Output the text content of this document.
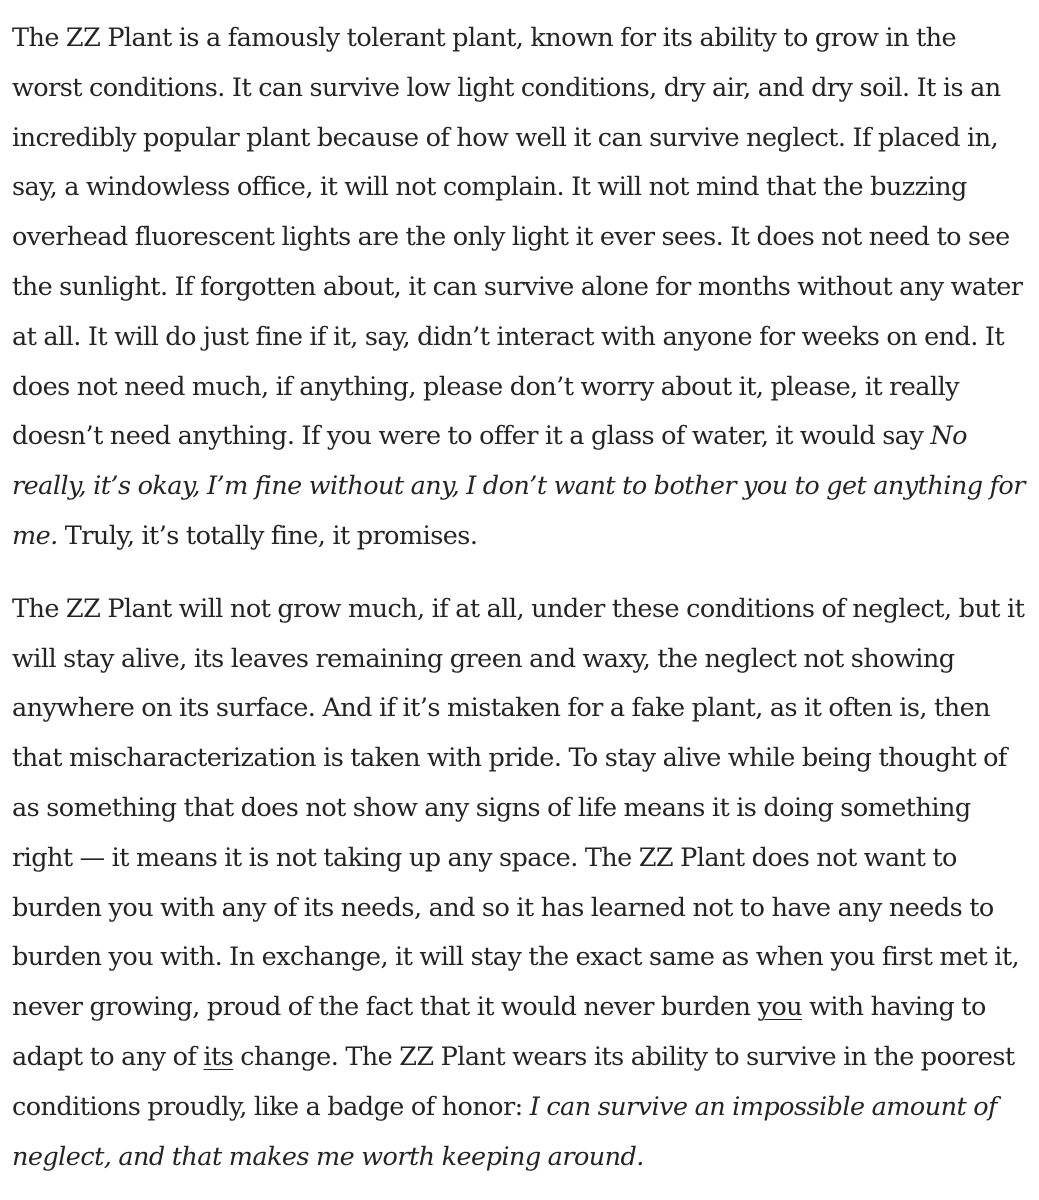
The ZZ Plant is a famously tolerant plant, known for its ability to grow in the worst conditions. It can survive low light conditions, dry air, and dry soil. It is an incredibly popular plant because of how well it can survive neglect. If placed in, say, a windowless office, it will not complain. It will not mind that the buzzing overhead fluorescent lights are the only light it ever sees. It does not need to see the sunlight. If forgotten about, it can survive alone for months without any water at all. It will do just fine if it, say, didn’t interact with anyone for weeks on end. It does not need much, if anything, please don’t worry about it, please, it really doesn’t need anything. If you were to offer it a glass of water, it would say No really, it’s okay, I’m fine without any, I don’t want to bother you to get anything for me. Truly, it’s totally fine, it promises.

The ZZ Plant will not grow much, if at all, under these conditions of neglect, but it will stay alive, its leaves remaining green and waxy, the neglect not showing anywhere on its surface. And if it’s mistaken for a fake plant, as it often is, then that mischaracterization is taken with pride. To stay alive while being thought of as something that does not show any signs of life means it is doing something right — it means it is not taking up any space. The ZZ Plant does not want to burden you with any of its needs, and so it has learned not to have any needs to burden you with. In exchange, it will stay the exact same as when you first met it, never growing, proud of the fact that it would never burden you with having to adapt to any of its change. The ZZ Plant wears its ability to survive in the poorest conditions proudly, like a badge of honor: I can survive an impossible amount of neglect, and that makes me worth keeping around.
